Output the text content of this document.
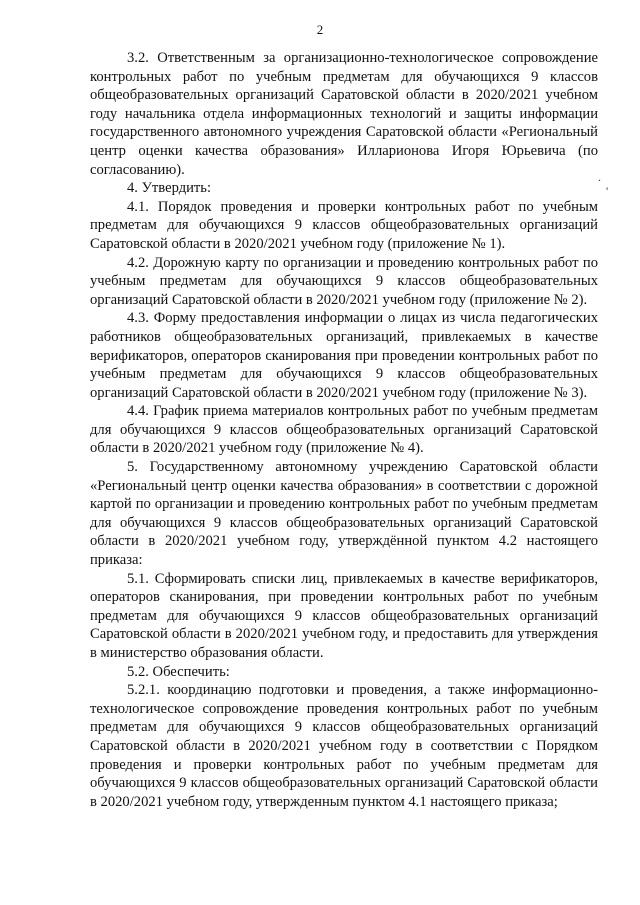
2

3.2. Ответственным за организационно-технологическое сопровождение контрольных работ по учебным предметам для обучающихся 9 классов общеобразовательных организаций Саратовской области в 2020/2021 учебном году начальника отдела информационных технологий и защиты информации государственного автономного учреждения Саратовской области «Региональный центр оценки качества образования» Илларионова Игоря Юрьевича (по согласованию).

4. Утвердить:

4.1. Порядок проведения и проверки контрольных работ по учебным предметам для обучающихся 9 классов общеобразовательных организаций Саратовской области в 2020/2021 учебном году (приложение № 1).

4.2. Дорожную карту по организации и проведению контрольных работ по учебным предметам для обучающихся 9 классов общеобразовательных организаций Саратовской области в 2020/2021 учебном году (приложение № 2).

4.3. Форму предоставления информации о лицах из числа педагогических работников общеобразовательных организаций, привлекаемых в качестве верификаторов, операторов сканирования при проведении контрольных работ по учебным предметам для обучающихся 9 классов общеобразовательных организаций Саратовской области в 2020/2021 учебном году (приложение № 3).

4.4. График приема материалов контрольных работ по учебным предметам для обучающихся 9 классов общеобразовательных организаций Саратовской области в 2020/2021 учебном году (приложение № 4).

5. Государственному автономному учреждению Саратовской области «Региональный центр оценки качества образования» в соответствии с дорожной картой по организации и проведению контрольных работ по учебным предметам для обучающихся 9 классов общеобразовательных организаций Саратовской области в 2020/2021 учебном году, утверждённой пунктом 4.2 настоящего приказа:

5.1. Сформировать списки лиц, привлекаемых в качестве верификаторов, операторов сканирования, при проведении контрольных работ по учебным предметам для обучающихся 9 классов общеобразовательных организаций Саратовской области в 2020/2021 учебном году, и предоставить для утверждения в министерство образования области.

5.2. Обеспечить:

5.2.1. координацию подготовки и проведения, а также информационно-технологическое сопровождение проведения контрольных работ по учебным предметам для обучающихся 9 классов общеобразовательных организаций Саратовской области в 2020/2021 учебном году в соответствии с Порядком проведения и проверки контрольных работ по учебным предметам для обучающихся 9 классов общеобразовательных организаций Саратовской области в 2020/2021 учебном году, утвержденным пунктом 4.1 настоящего приказа;

.
'
